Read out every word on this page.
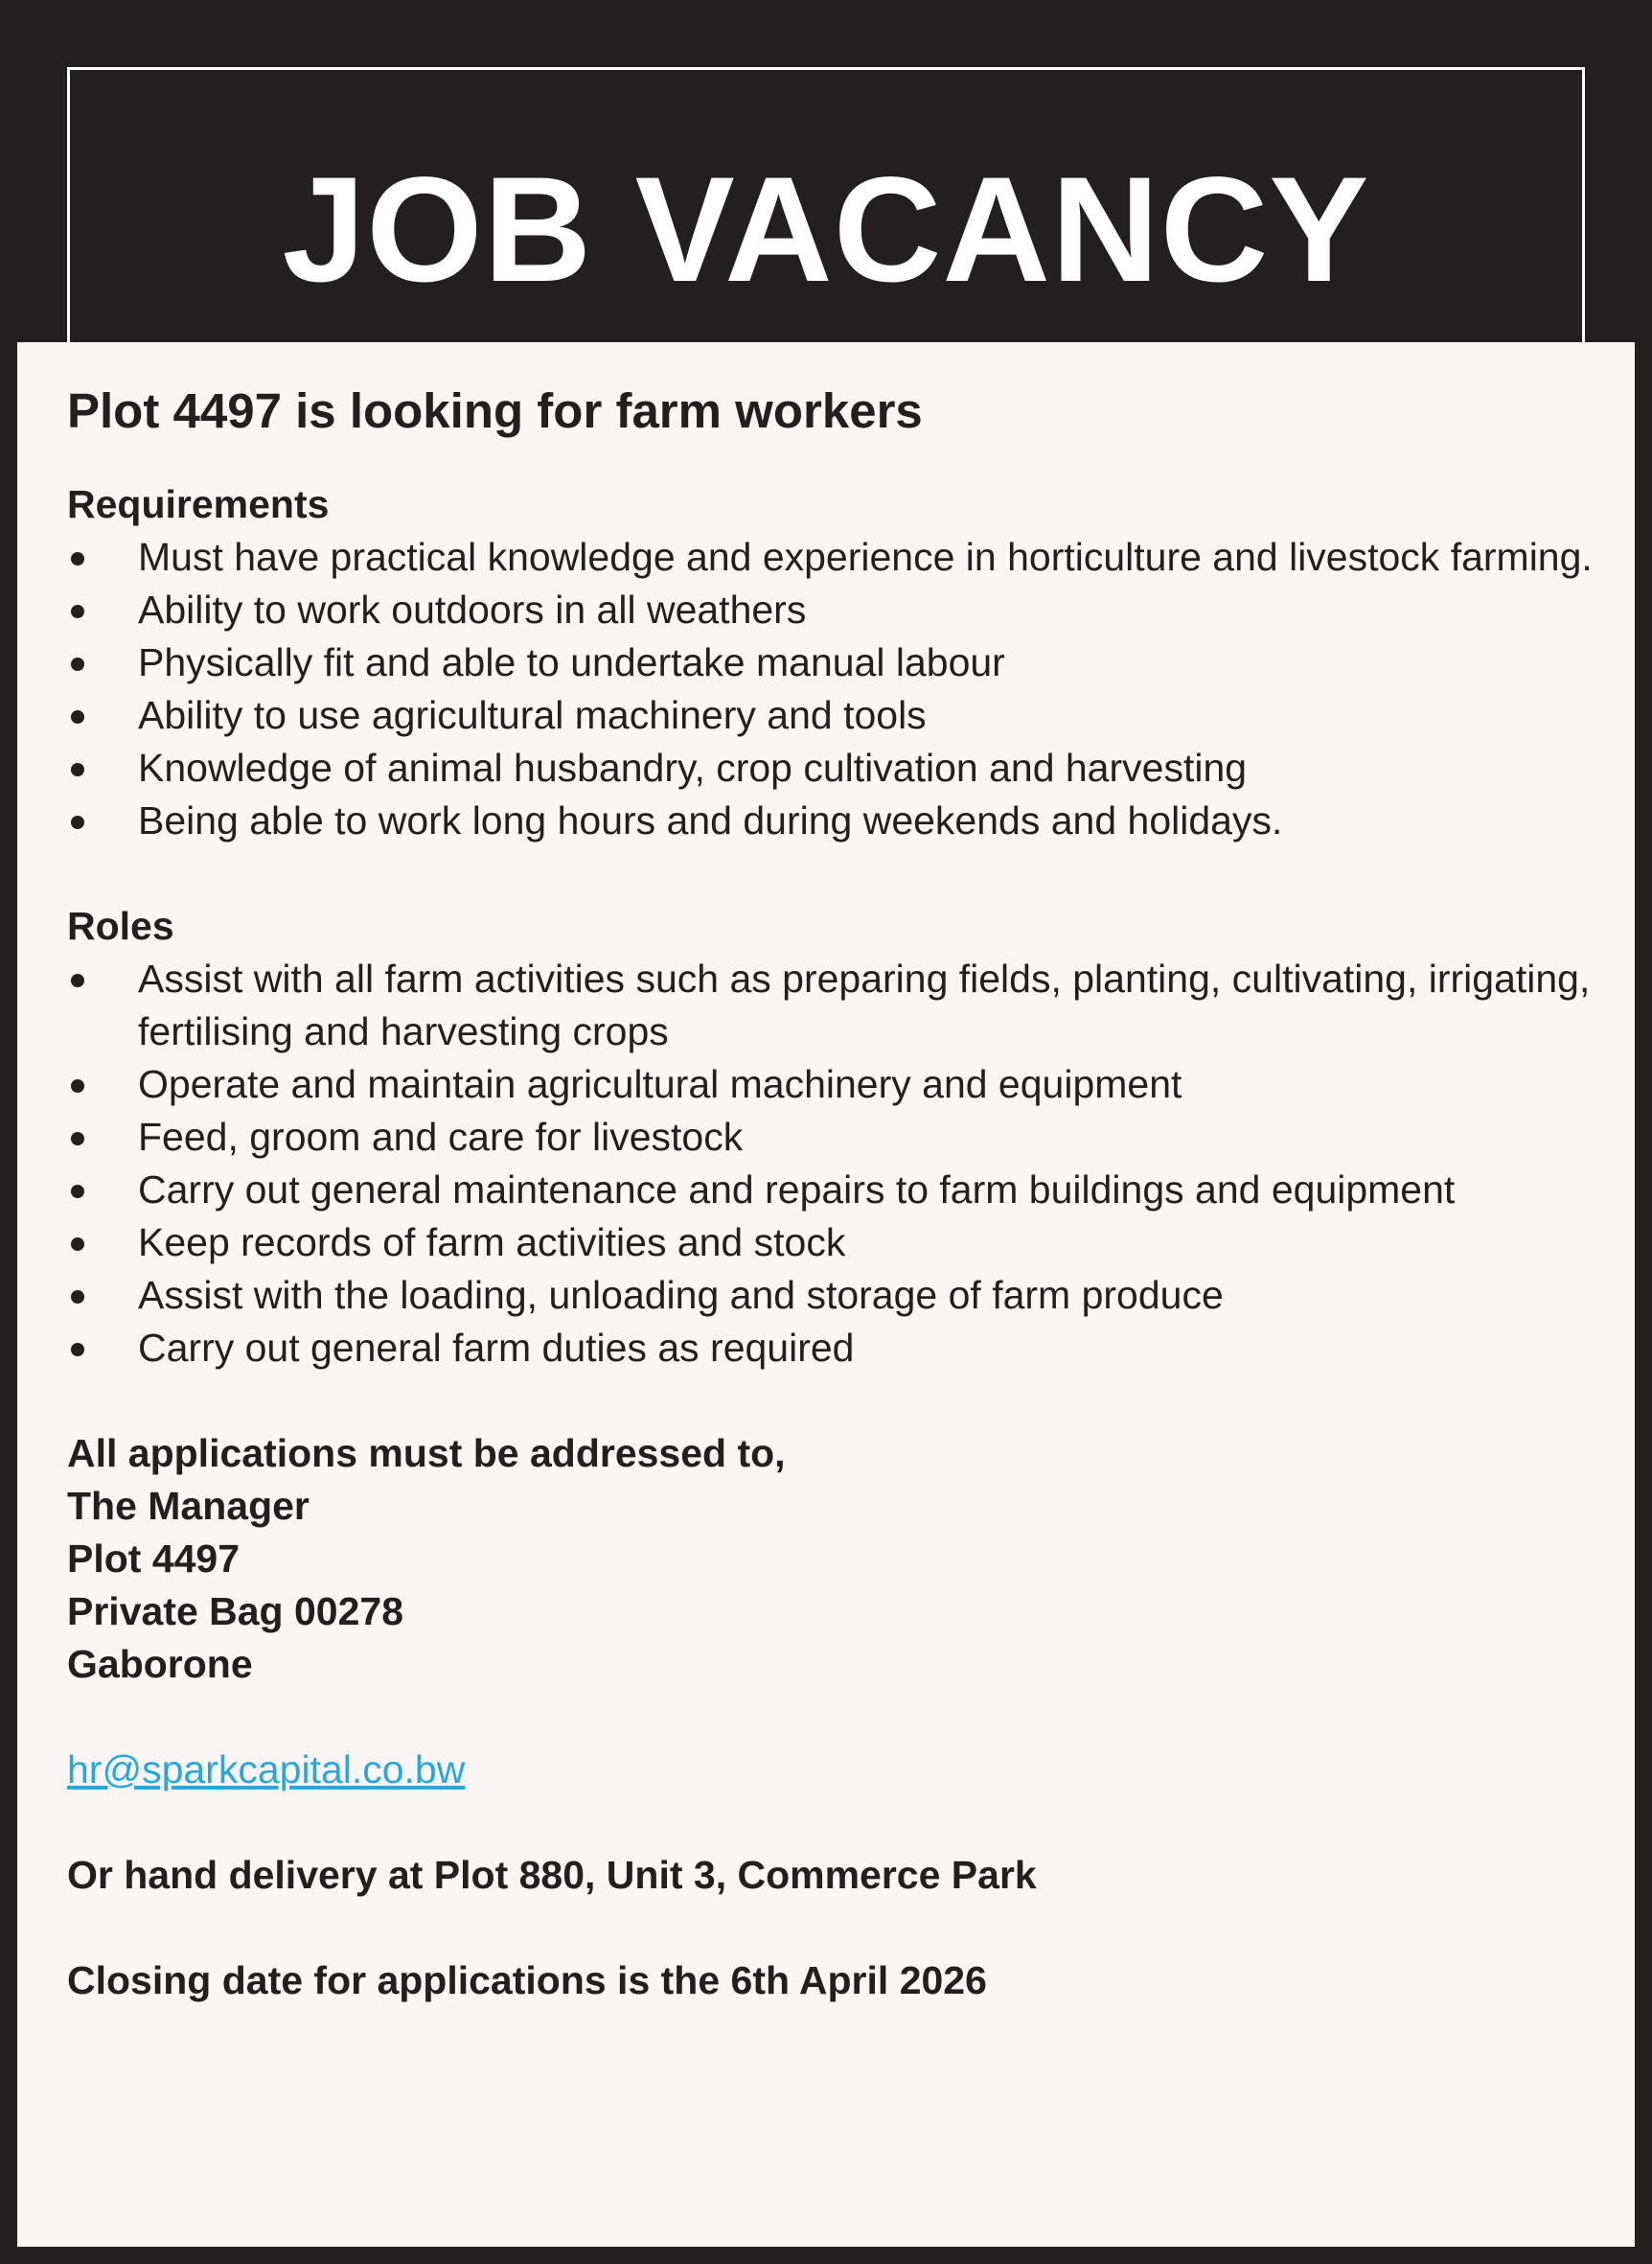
JOB VACANCY
Plot 4497 is looking for farm workers
Requirements
Must have practical knowledge and experience in horticulture and livestock farming.
Ability to work outdoors in all weathers
Physically fit and able to undertake manual labour
Ability to use agricultural machinery and tools
Knowledge of animal husbandry, crop cultivation and harvesting
Being able to work long hours and during weekends and holidays.
Roles
Assist with all farm activities such as preparing fields, planting, cultivating, irrigating, fertilising and harvesting crops
Operate and maintain agricultural machinery and equipment
Feed, groom and care for livestock
Carry out general maintenance and repairs to farm buildings and equipment
Keep records of farm activities and stock
Assist with the loading, unloading and storage of farm produce
Carry out general farm duties as required
All applications must be addressed to,
The Manager
Plot 4497
Private Bag 00278
Gaborone
hr@sparkcapital.co.bw
Or hand delivery at Plot 880, Unit 3, Commerce Park
Closing date for applications is the 6th April 2026
